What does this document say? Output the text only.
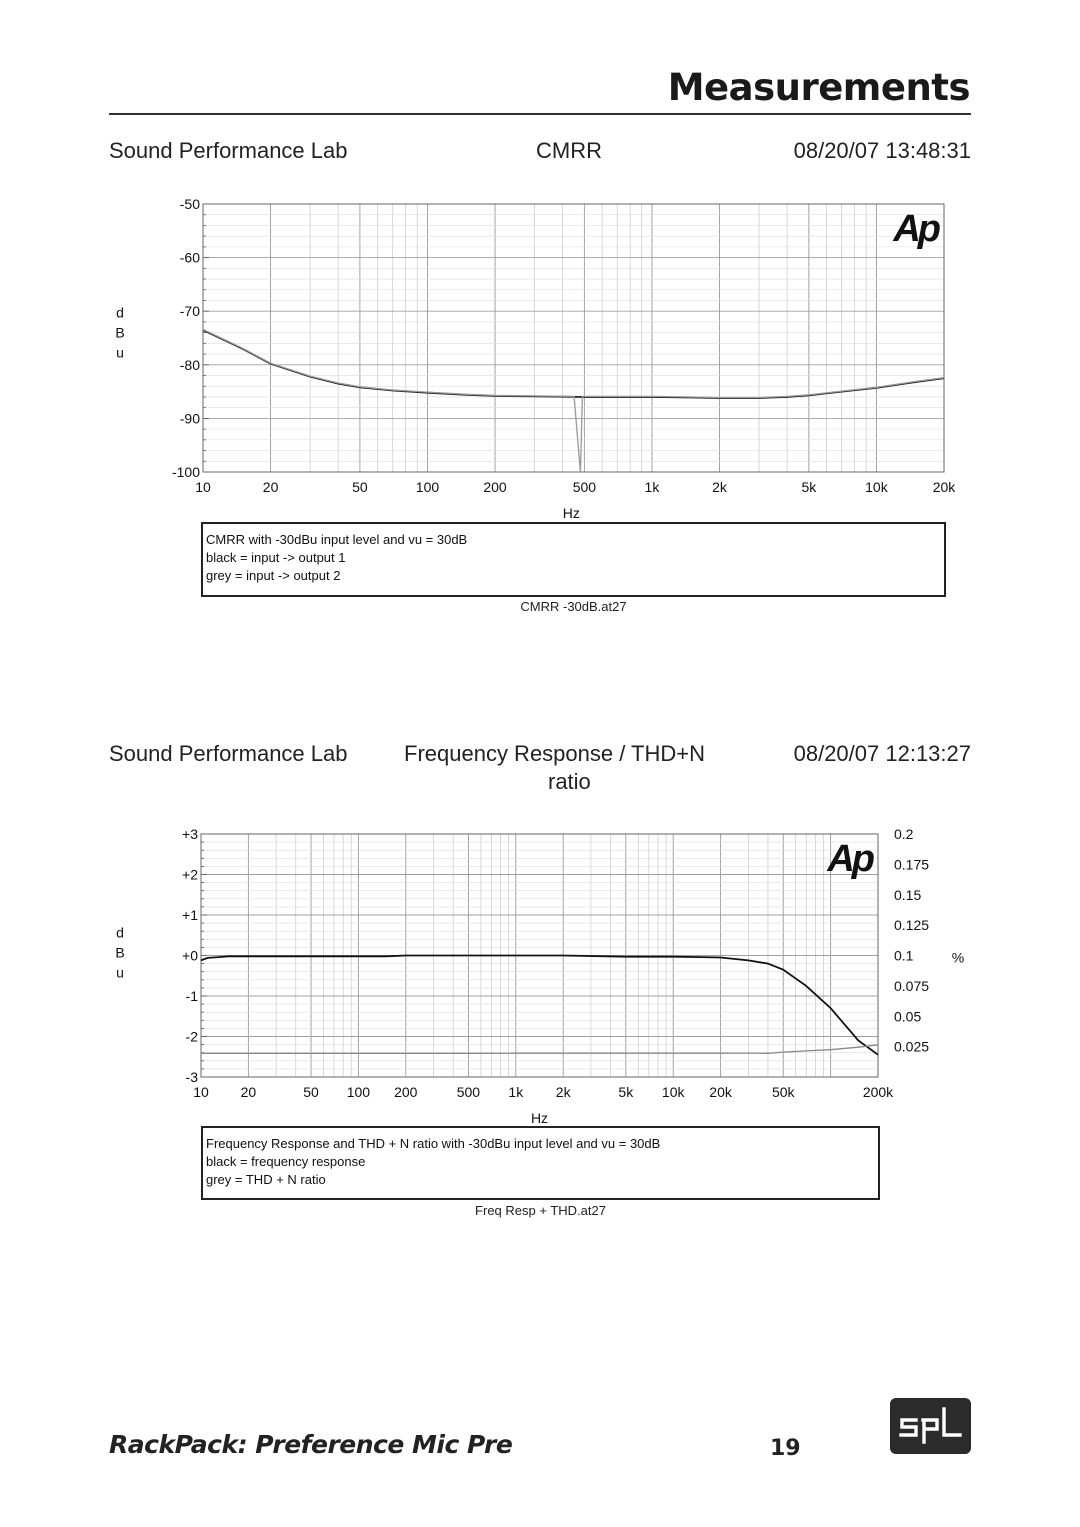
Measurements
Sound Performance Lab	CMRR	08/20/07 13:48:31
Sound Performance Lab	Frequency Response / THD+N
ratio
08/20/07 12:13:27
10	20	50	100	200	500	1k	2k	5k	10k	20k
-50
-60
-70
-80
-90
-100
Hz
d
B
u
Ap
10 20	50 100 200	500 1k 2k	5k 10k 20k	50k	200k
+3
+2
+1
+0
-1
-2
-3
0.2
0.175
0.15
0.125
0.1
0.075
0.05
0.025
%
Hz
d
B
u
Ap
CMRR with -30dBu input level and vu = 30dB
black = input -> output 1
grey = input -> output 2
CMRR -30dB.at27
Frequency Response and THD + N ratio with -30dBu input level and vu = 30dB
black = frequency response
grey = THD + N ratio
Freq Resp + THD.at27
RackPack: Preference Mic Pre	19
